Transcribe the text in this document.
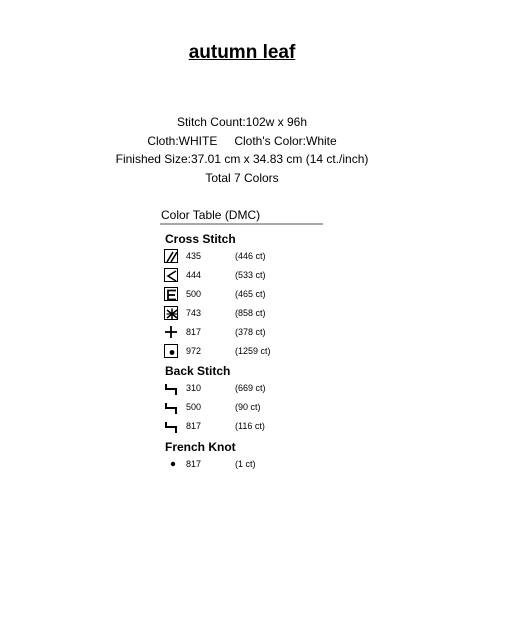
autumn leaf
Stitch Count:102w x 96h
Cloth:WHITE Cloth's Color:White
Finished Size:37.01 cm x 34.83 cm (14 ct./inch)
Total 7 Colors
Color Table (DMC)
Cross Stitch
435	(446 ct)
444	(533 ct)
500	(465 ct)
743	(858 ct)
817	(378 ct)
972	(1259 ct)
Back Stitch
310	(669 ct)
500	(90 ct)
817	(116 ct)
French Knot
817	(1 ct)
